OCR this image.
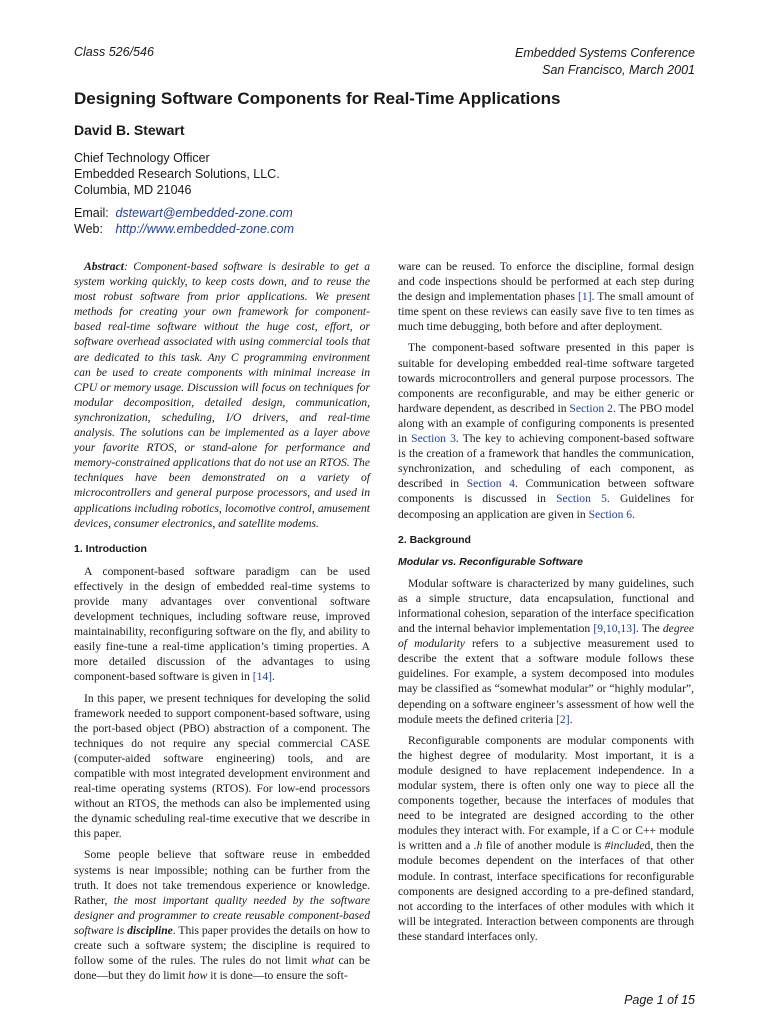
Class 526/546	Embedded Systems Conference
San Francisco, March 2001
Designing Software Components for Real-Time Applications
David B. Stewart
Chief Technology Officer
Embedded Research Solutions, LLC.
Columbia, MD 21046
Email: dstewart@embedded-zone.com
Web: http://www.embedded-zone.com

Abstract: Component-based software is desirable to get a system working quickly, to keep costs down, and to reuse the most robust software from prior applications. We present methods for creating your own framework for component-based real-time software without the huge cost, effort, or software overhead associated with using commercial tools that are dedicated to this task. Any C programming environment can be used to create components with minimal increase in CPU or memory usage. Discussion will focus on techniques for modular decomposition, detailed design, communication, synchronization, scheduling, I/O drivers, and real-time analysis. The solutions can be implemented as a layer above your favorite RTOS, or stand-alone for performance and memory-constrained applications that do not use an RTOS. The techniques have been demonstrated on a variety of microcontrollers and general purpose processors, and used in applications including robotics, locomotive control, amusement devices, consumer electronics, and satellite modems.

1. Introduction

A component-based software paradigm can be used effectively in the design of embedded real-time systems to provide many advantages over conventional software development techniques, including software reuse, improved maintainability, reconfiguring software on the fly, and ability to easily fine-tune a real-time application’s timing properties. A more detailed discussion of the advantages to using component-based software is given in [14].

In this paper, we present techniques for developing the solid framework needed to support component-based software, using the port-based object (PBO) abstraction of a component. The techniques do not require any special commercial CASE (computer-aided software engineering) tools, and are compatible with most integrated development environment and real-time operating systems (RTOS). For low-end processors without an RTOS, the methods can also be implemented using the dynamic scheduling real-time executive that we describe in this paper.

Some people believe that software reuse in embedded systems is near impossible; nothing can be further from the truth. It does not take tremendous experience or knowledge. Rather, the most important quality needed by the software designer and programmer to create reusable component-based software is discipline. This paper provides the details on how to create such a software system; the discipline is required to follow some of the rules. The rules do not limit what can be done—but they do limit how it is done—to ensure the soft-

ware can be reused. To enforce the discipline, formal design and code inspections should be performed at each step during the design and implementation phases [1]. The small amount of time spent on these reviews can easily save five to ten times as much time debugging, both before and after deployment.

The component-based software presented in this paper is suitable for developing embedded real-time software targeted towards microcontrollers and general purpose processors. The components are reconfigurable, and may be either generic or hardware dependent, as described in Section 2. The PBO model along with an example of configuring components is presented in Section 3. The key to achieving component-based software is the creation of a framework that handles the communication, synchronization, and scheduling of each component, as described in Section 4. Communication between software components is discussed in Section 5. Guidelines for decomposing an application are given in Section 6.

2. Background
Modular vs. Reconfigurable Software

Modular software is characterized by many guidelines, such as a simple structure, data encapsulation, functional and informational cohesion, separation of the interface specification and the internal behavior implementation [9,10,13]. The degree of modularity refers to a subjective measurement used to describe the extent that a software module follows these guidelines. For example, a system decomposed into modules may be classified as “somewhat modular” or “highly modular”, depending on a software engineer’s assessment of how well the module meets the defined criteria [2].

Reconfigurable components are modular components with the highest degree of modularity. Most important, it is a module designed to have replacement independence. In a modular system, there is often only one way to piece all the components together, because the interfaces of modules that need to be integrated are designed according to the other modules they interact with. For example, if a C or C++ module is written and a .h file of another module is #included, then the module becomes dependent on the interfaces of that other module. In contrast, interface specifications for reconfigurable components are designed according to a pre-defined standard, not according to the interfaces of other modules with which it will be integrated. Interaction between components are through these standard interfaces only.

Page 1 of 15
